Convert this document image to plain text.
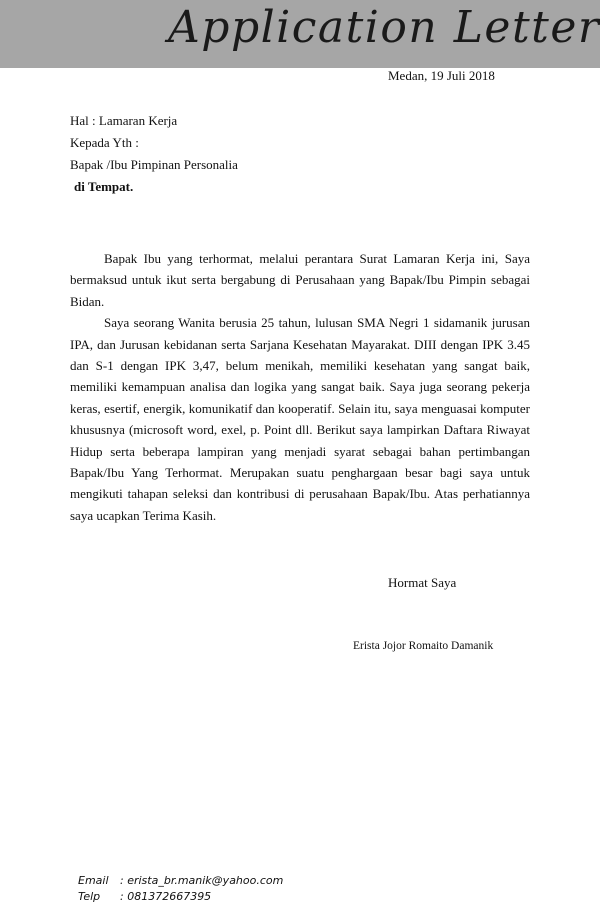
Application Letter
Medan, 19 Juli 2018
Hal : Lamaran Kerja
Kepada Yth :
Bapak /Ibu Pimpinan Personalia
di Tempat.

Bapak Ibu yang terhormat, melalui perantara Surat Lamaran Kerja ini, Saya bermaksud untuk ikut serta bergabung di Perusahaan yang Bapak/Ibu Pimpin sebagai Bidan.

Saya seorang Wanita berusia 25 tahun, lulusan SMA Negri 1 sidamanik jurusan IPA, dan Jurusan kebidanan serta Sarjana Kesehatan Mayarakat. DIII dengan IPK 3.45 dan S-1 dengan IPK 3,47, belum menikah, memiliki kesehatan yang sangat baik, memiliki kemampuan analisa dan logika yang sangat baik. Saya juga seorang pekerja keras, esertif, energik, komunikatif dan kooperatif. Selain itu, saya menguasai komputer khususnya (microsoft word, exel, p. Point dll. Berikut saya lampirkan Daftara Riwayat Hidup serta beberapa lampiran yang menjadi syarat sebagai bahan pertimbangan Bapak/Ibu Yang Terhormat. Merupakan suatu penghargaan besar bagi saya untuk mengikuti tahapan seleksi dan kontribusi di perusahaan Bapak/Ibu. Atas perhatiannya saya ucapkan Terima Kasih.

Hormat Saya
Erista Jojor Romaito Damanik
Email : erista_br.manik@yahoo.com
Telp : 081372667395
